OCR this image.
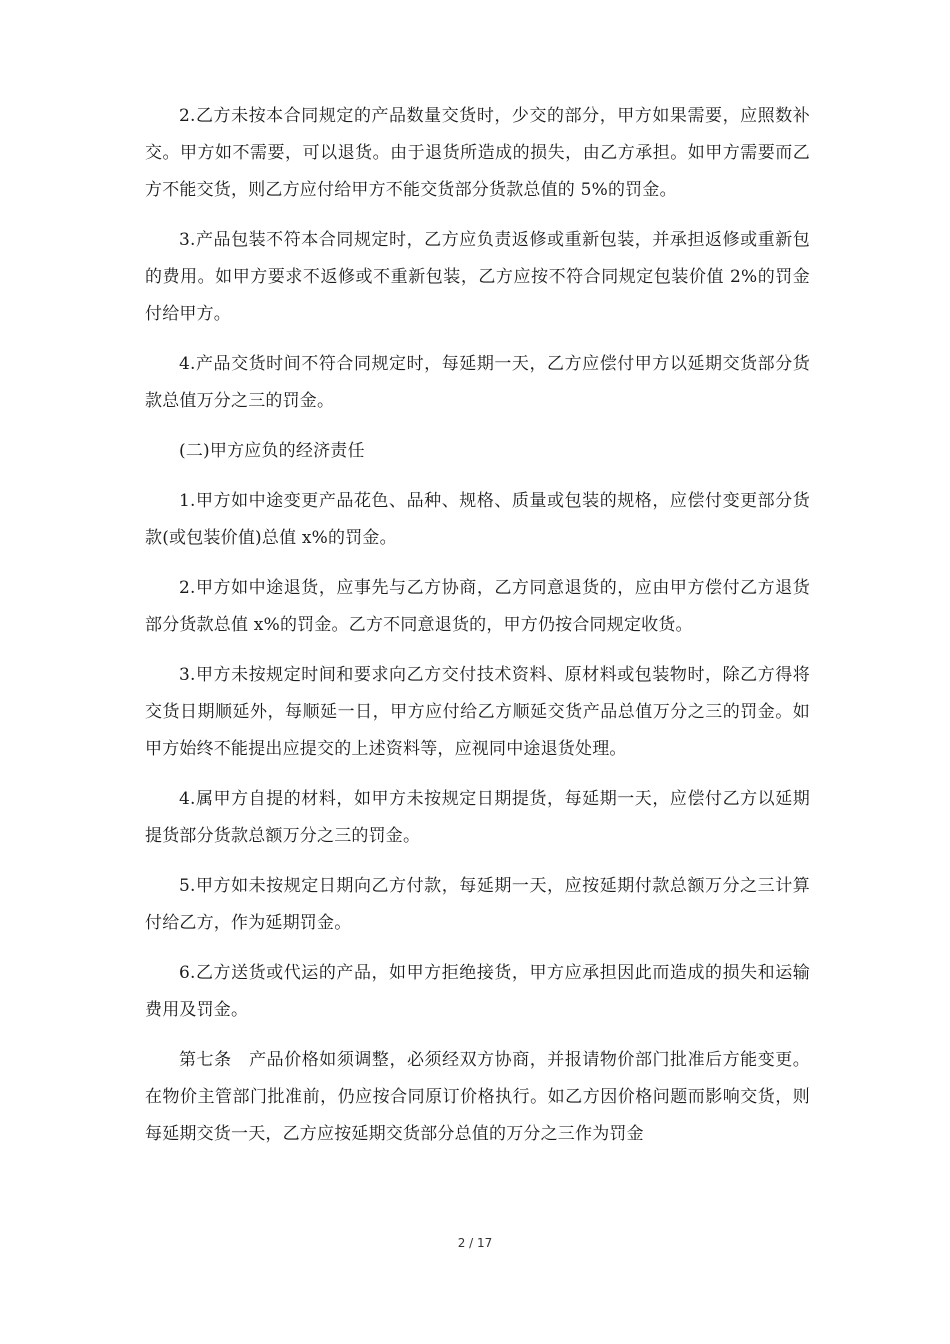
2.乙方未按本合同规定的产品数量交货时，少交的部分，甲方如果需要，应照数补交。甲方如不需要，可以退货。由于退货所造成的损失，由乙方承担。如甲方需要而乙方不能交货，则乙方应付给甲方不能交货部分货款总值的 5%的罚金。

3.产品包装不符本合同规定时，乙方应负责返修或重新包装，并承担返修或重新包的费用。如甲方要求不返修或不重新包装，乙方应按不符合同规定包装价值 2%的罚金付给甲方。

4.产品交货时间不符合同规定时，每延期一天，乙方应偿付甲方以延期交货部分货款总值万分之三的罚金。

(二)甲方应负的经济责任

1.甲方如中途变更产品花色、品种、规格、质量或包装的规格，应偿付变更部分货款(或包装价值)总值 x%的罚金。

2.甲方如中途退货，应事先与乙方协商，乙方同意退货的，应由甲方偿付乙方退货部分货款总值 x%的罚金。乙方不同意退货的，甲方仍按合同规定收货。

3.甲方未按规定时间和要求向乙方交付技术资料、原材料或包装物时，除乙方得将交货日期顺延外，每顺延一日，甲方应付给乙方顺延交货产品总值万分之三的罚金。如甲方始终不能提出应提交的上述资料等，应视同中途退货处理。

4.属甲方自提的材料，如甲方未按规定日期提货，每延期一天，应偿付乙方以延期提货部分货款总额万分之三的罚金。

5.甲方如未按规定日期向乙方付款，每延期一天，应按延期付款总额万分之三计算付给乙方，作为延期罚金。

6.乙方送货或代运的产品，如甲方拒绝接货，甲方应承担因此而造成的损失和运输费用及罚金。

第七条　产品价格如须调整，必须经双方协商，并报请物价部门批准后方能变更。在物价主管部门批准前，仍应按合同原订价格执行。如乙方因价格问题而影响交货，则每延期交货一天，乙方应按延期交货部分总值的万分之三作为罚金

2 / 17
